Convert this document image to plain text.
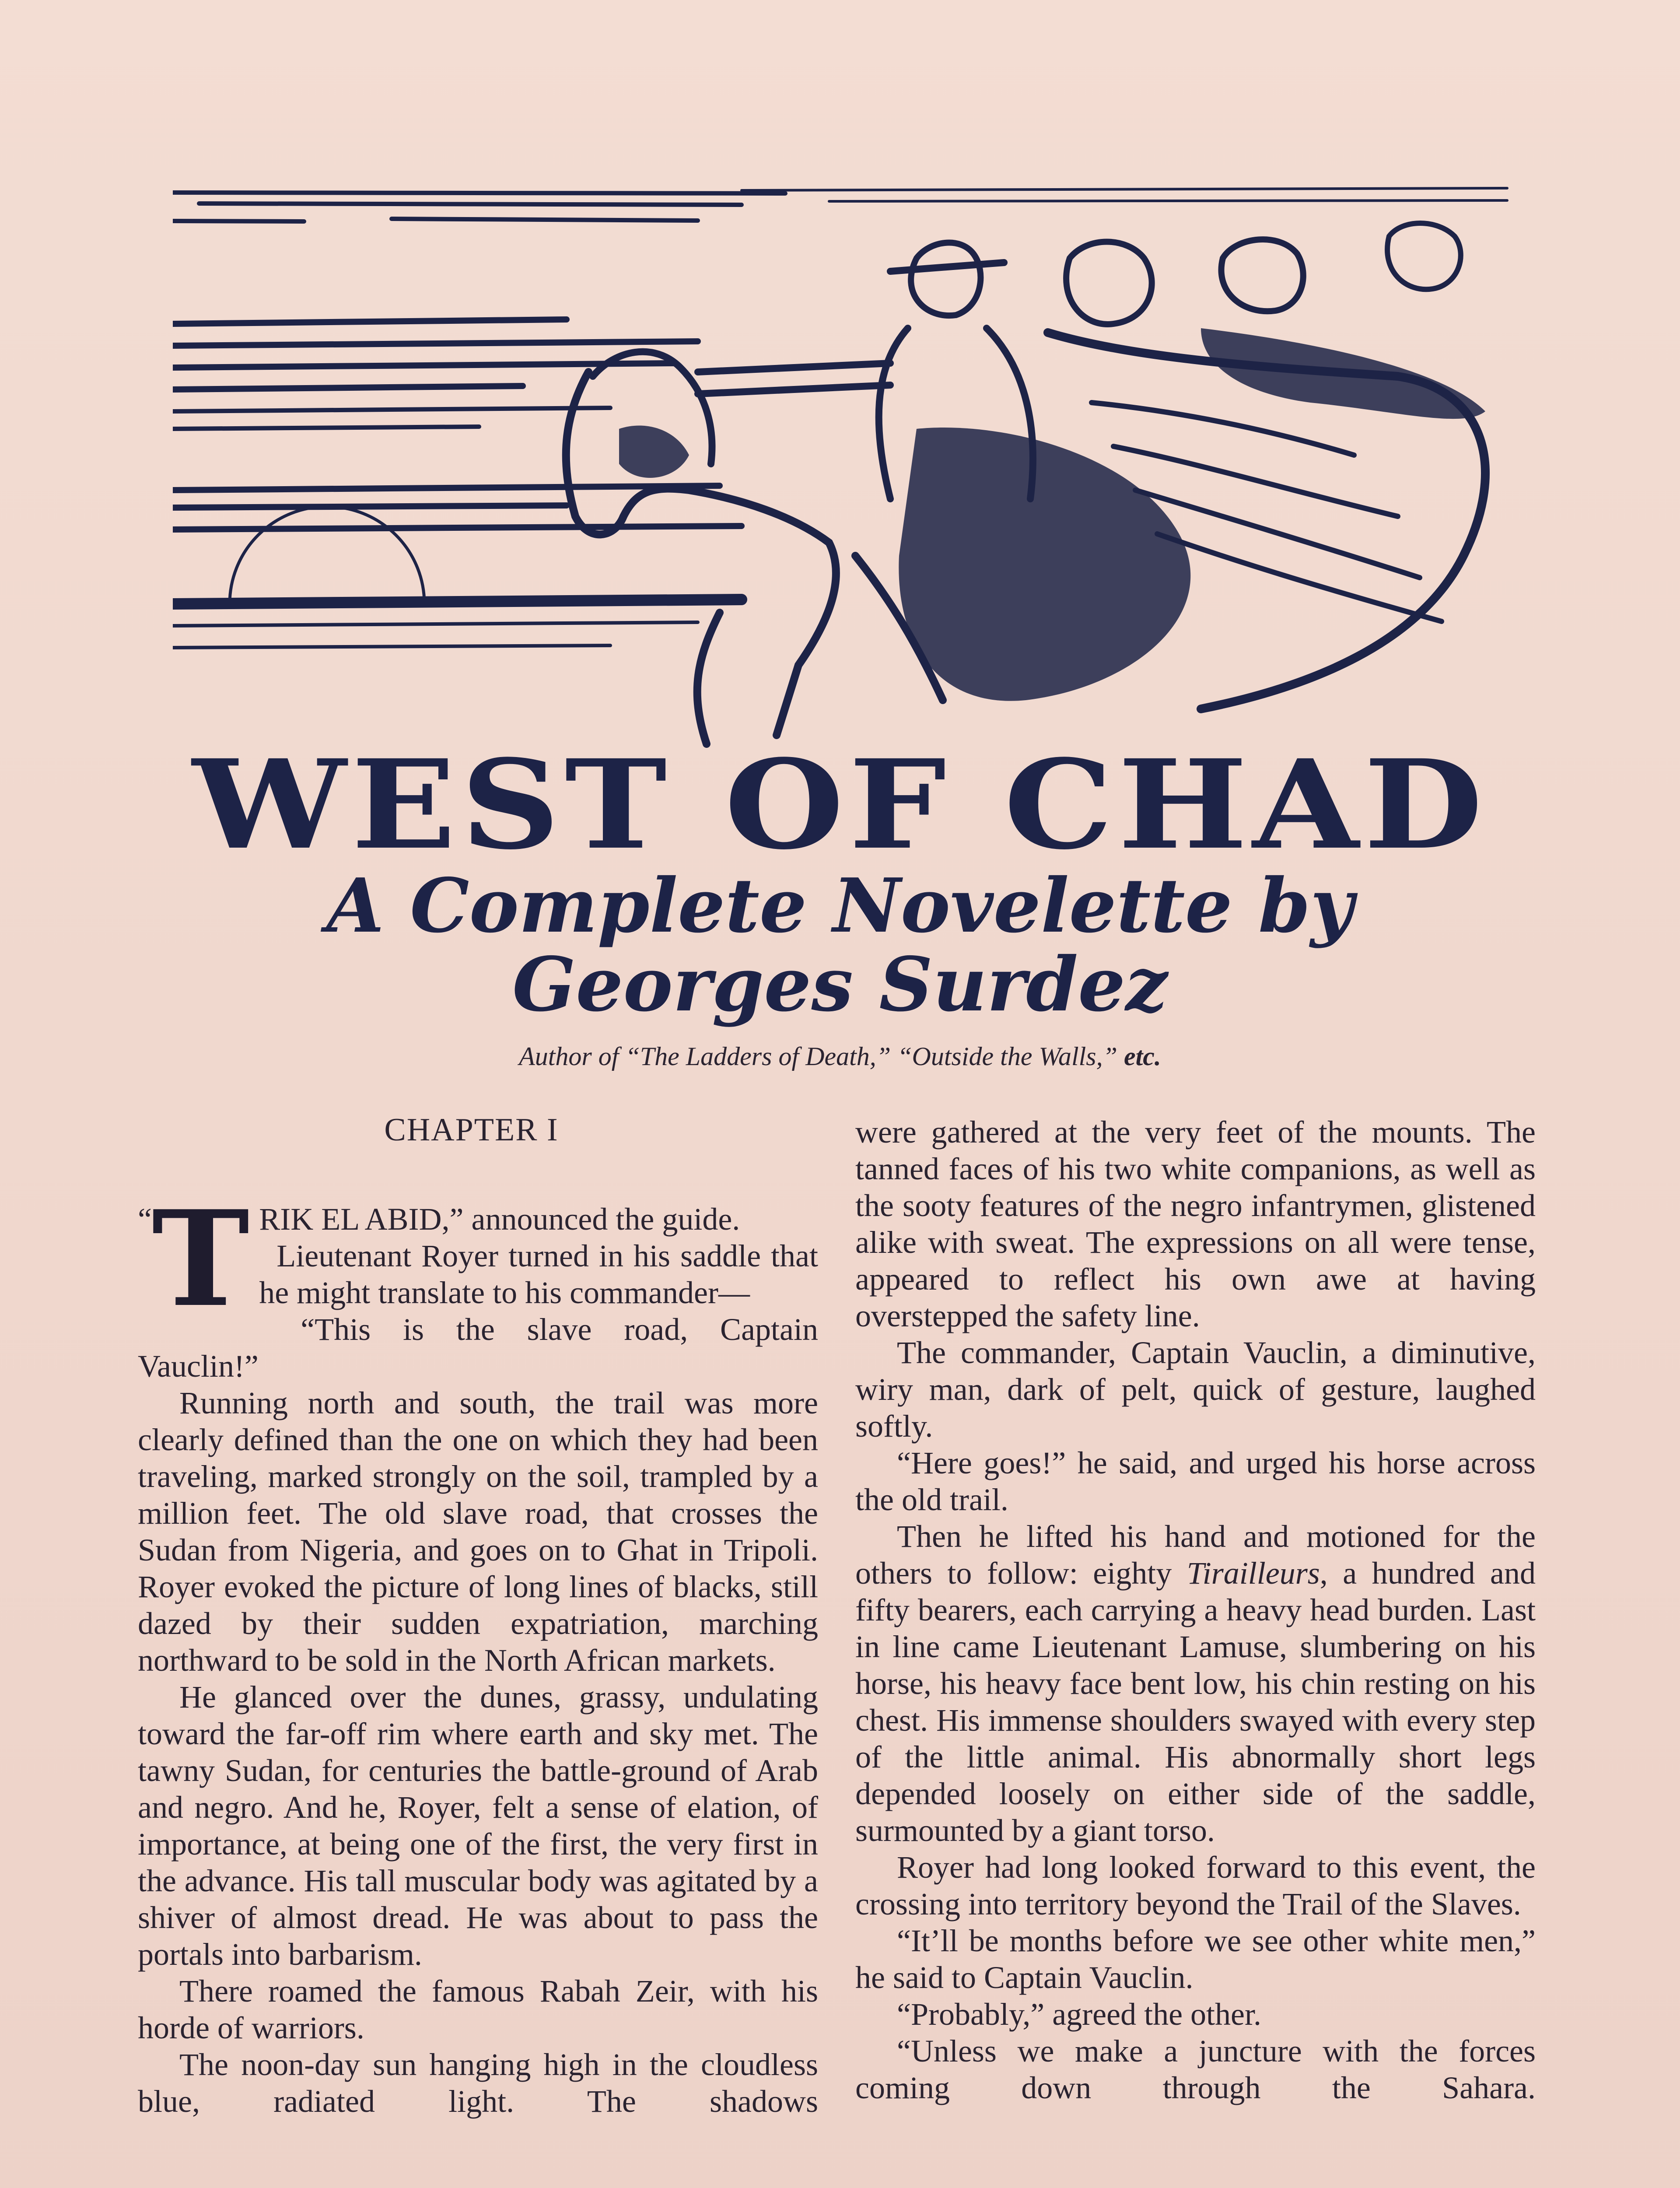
WEST OF CHAD
A Complete Novelette by
Georges Surdez
Author of “The Ladders of Death,” “Outside the Walls,” etc.
CHAPTER I
“ T RIK EL ABID,” announced the guide.

Lieutenant Royer turned in his saddle that he might translate to his commander—

“This is the slave road, Captain Vauclin!”

Running north and south, the trail was more clearly defined than the one on which they had been traveling, marked strongly on the soil, trampled by a million feet. The old slave road, that crosses the Sudan from Nigeria, and goes on to Ghat in Tripoli. Royer evoked the picture of long lines of blacks, still dazed by their sudden expatriation, marching northward to be sold in the North African markets.

He glanced over the dunes, grassy, undulating toward the far-off rim where earth and sky met. The tawny Sudan, for centuries the battle-ground of Arab and negro. And he, Royer, felt a sense of elation, of importance, at being one of the first, the very first in the advance. His tall muscular body was agitated by a shiver of almost dread. He was about to pass the portals into barbarism.

There roamed the famous Rabah Zeir, with his horde of warriors.

The noon-day sun hanging high in the cloudless blue, radiated light. The shadows

were gathered at the very feet of the mounts. The tanned faces of his two white companions, as well as the sooty features of the negro infantrymen, glistened alike with sweat. The expressions on all were tense, appeared to reflect his own awe at having overstepped the safety line.

The commander, Captain Vauclin, a diminutive, wiry man, dark of pelt, quick of gesture, laughed softly.

“Here goes!” he said, and urged his horse across the old trail.

Then he lifted his hand and motioned for the others to follow: eighty Tirailleurs, a hundred and fifty bearers, each carrying a heavy head burden. Last in line came Lieutenant Lamuse, slumbering on his horse, his heavy face bent low, his chin resting on his chest. His immense shoulders swayed with every step of the little animal. His abnormally short legs depended loosely on either side of the saddle, surmounted by a giant torso.

Royer had long looked forward to this event, the crossing into territory beyond the Trail of the Slaves.

“It’ll be months before we see other white men,” he said to Captain Vauclin.

“Probably,” agreed the other.

“Unless we make a juncture with the forces coming down through the Sahara.
